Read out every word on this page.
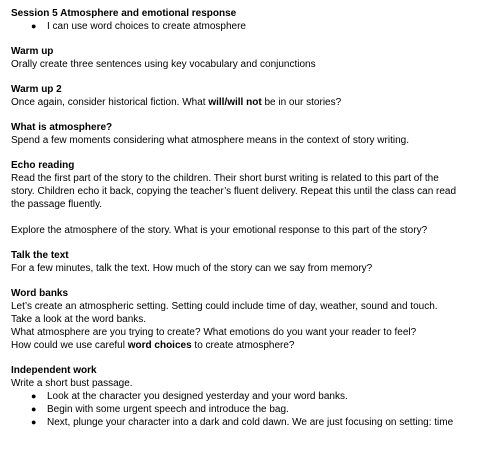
Session 5 Atmosphere and emotional response
● I can use word choices to create atmosphere
Warm up
Orally create three sentences using key vocabulary and conjunctions
Warm up 2
Once again, consider historical fiction. What will/will not be in our stories?
What is atmosphere?
Spend a few moments considering what atmosphere means in the context of story writing.
Echo reading
Read the first part of the story to the children. Their short burst writing is related to this part of the
story. Children echo it back, copying the teacher’s fluent delivery. Repeat this until the class can read
the passage fluently.
Explore the atmosphere of the story. What is your emotional response to this part of the story?
Talk the text
For a few minutes, talk the text. How much of the story can we say from memory?
Word banks
Let’s create an atmospheric setting. Setting could include time of day, weather, sound and touch.
Take a look at the word banks.
What atmosphere are you trying to create? What emotions do you want your reader to feel?
How could we use careful word choices to create atmosphere?
Independent work
Write a short bust passage.
● Look at the character you designed yesterday and your word banks.
● Begin with some urgent speech and introduce the bag.
● Next, plunge your character into a dark and cold dawn. We are just focusing on setting: time
